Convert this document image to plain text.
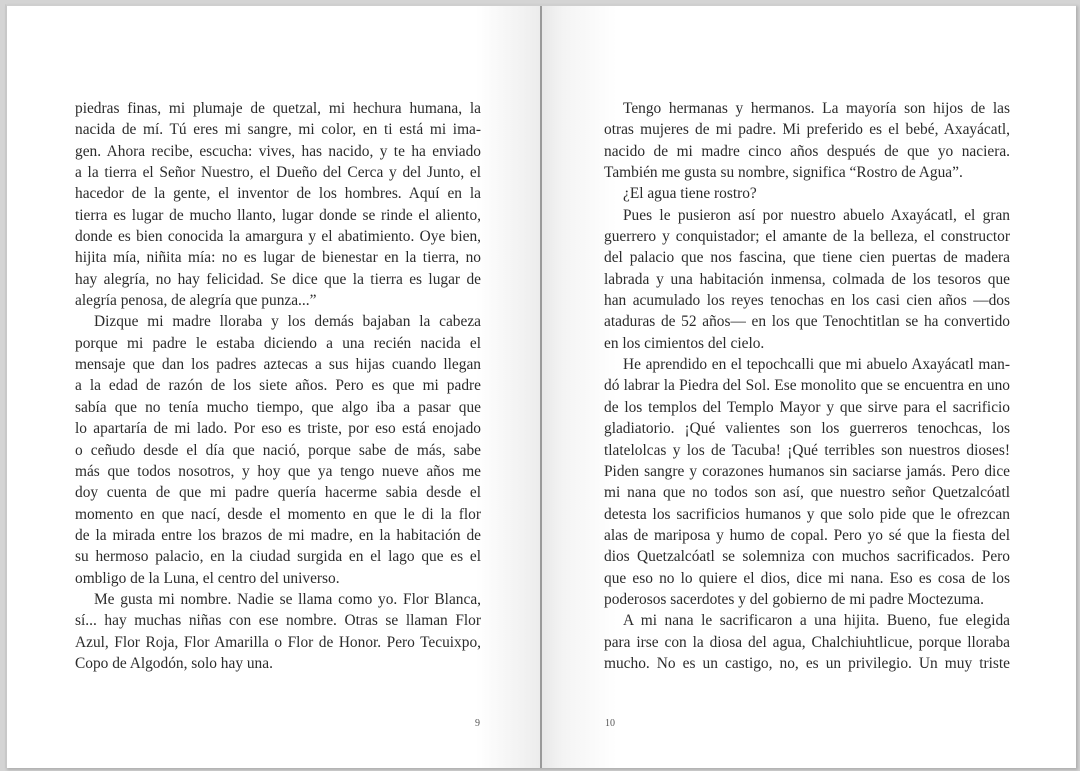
piedras finas, mi plumaje de quetzal, mi hechura humana, la
nacida de mí. Tú eres mi sangre, mi color, en ti está mi ima-
gen. Ahora recibe, escucha: vives, has nacido, y te ha enviado
a la tierra el Señor Nuestro, el Dueño del Cerca y del Junto, el
hacedor de la gente, el inventor de los hombres. Aquí en la
tierra es lugar de mucho llanto, lugar donde se rinde el aliento,
donde es bien conocida la amargura y el abatimiento. Oye bien,
hijita mía, niñita mía: no es lugar de bienestar en la tierra, no
hay alegría, no hay felicidad. Se dice que la tierra es lugar de
alegría penosa, de alegría que punza...”

Dizque mi madre lloraba y los demás bajaban la cabeza
porque mi padre le estaba diciendo a una recién nacida el
mensaje que dan los padres aztecas a sus hijas cuando llegan
a la edad de razón de los siete años. Pero es que mi padre
sabía que no tenía mucho tiempo, que algo iba a pasar que
lo apartaría de mi lado. Por eso es triste, por eso está enojado
o ceñudo desde el día que nació, porque sabe de más, sabe
más que todos nosotros, y hoy que ya tengo nueve años me
doy cuenta de que mi padre quería hacerme sabia desde el
momento en que nací, desde el momento en que le di la flor
de la mirada entre los brazos de mi madre, en la habitación de
su hermoso palacio, en la ciudad surgida en el lago que es el
ombligo de la Luna, el centro del universo.

Me gusta mi nombre. Nadie se llama como yo. Flor Blanca,
sí... hay muchas niñas con ese nombre. Otras se llaman Flor
Azul, Flor Roja, Flor Amarilla o Flor de Honor. Pero Tecuixpo,
Copo de Algodón, solo hay una.

9

Tengo hermanas y hermanos. La mayoría son hijos de las
otras mujeres de mi padre. Mi preferido es el bebé, Axayácatl,
nacido de mi madre cinco años después de que yo naciera.
También me gusta su nombre, significa “Rostro de Agua”.

¿El agua tiene rostro?

Pues le pusieron así por nuestro abuelo Axayácatl, el gran
guerrero y conquistador; el amante de la belleza, el constructor
del palacio que nos fascina, que tiene cien puertas de madera
labrada y una habitación inmensa, colmada de los tesoros que
han acumulado los reyes tenochas en los casi cien años —dos
ataduras de 52 años— en los que Tenochtitlan se ha convertido
en los cimientos del cielo.

He aprendido en el tepochcalli que mi abuelo Axayácatl man-
dó labrar la Piedra del Sol. Ese monolito que se encuentra en uno
de los templos del Templo Mayor y que sirve para el sacrificio
gladiatorio. ¡Qué valientes son los guerreros tenochcas, los
tlatelolcas y los de Tacuba! ¡Qué terribles son nuestros dioses!
Piden sangre y corazones humanos sin saciarse jamás. Pero dice
mi nana que no todos son así, que nuestro señor Quetzalcóatl
detesta los sacrificios humanos y que solo pide que le ofrezcan
alas de mariposa y humo de copal. Pero yo sé que la fiesta del
dios Quetzalcóatl se solemniza con muchos sacrificados. Pero
que eso no lo quiere el dios, dice mi nana. Eso es cosa de los
poderosos sacerdotes y del gobierno de mi padre Moctezuma.

A mi nana le sacrificaron a una hijita. Bueno, fue elegida
para irse con la diosa del agua, Chalchiuhtlicue, porque lloraba
mucho. No es un castigo, no, es un privilegio. Un muy triste

10
